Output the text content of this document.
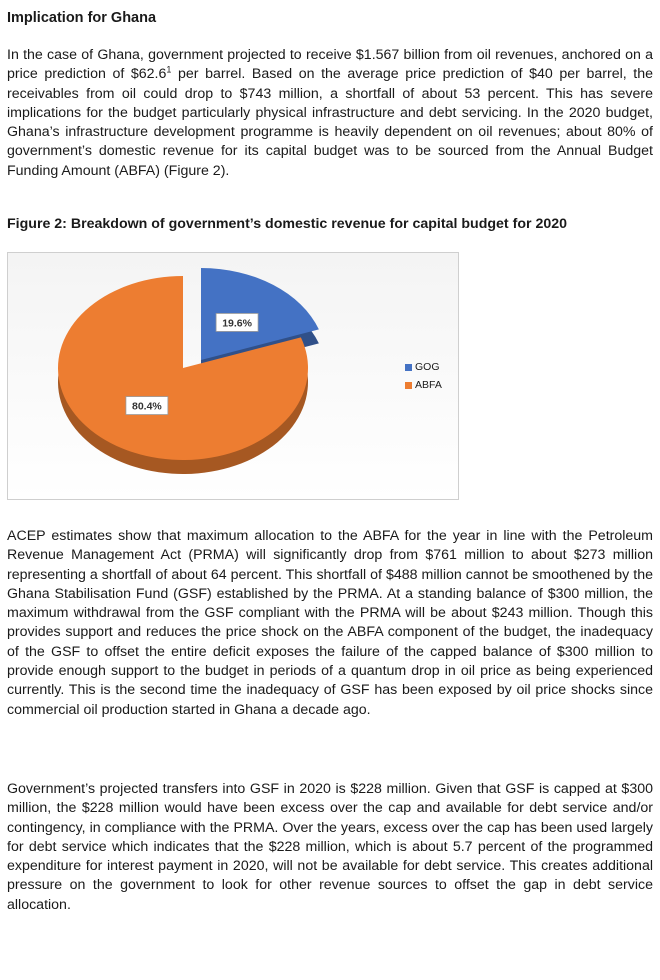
Implication for Ghana

In the case of Ghana, government projected to receive $1.567 billion from oil revenues, anchored on a price prediction of $62.6$^1$ per barrel. Based on the average price prediction of $40 per barrel, the receivables from oil could drop to $743 million, a shortfall of about 53 percent. This has severe implications for the budget particularly physical infrastructure and debt servicing. In the 2020 budget, Ghana’s infrastructure development programme is heavily dependent on oil revenues; about 80% of government’s domestic revenue for its capital budget was to be sourced from the Annual Budget Funding Amount (ABFA) (Figure 2).

Figure 2: Breakdown of government’s domestic revenue for capital budget for 2020
19.6%
80.4%
GOG
ABFA

ACEP estimates show that maximum allocation to the ABFA for the year in line with the Petroleum Revenue Management Act (PRMA) will significantly drop from $761 million to about $273 million representing a shortfall of about 64 percent. This shortfall of $488 million cannot be smoothened by the Ghana Stabilisation Fund (GSF) established by the PRMA. At a standing balance of $300 million, the maximum withdrawal from the GSF compliant with the PRMA will be about $243 million. Though this provides support and reduces the price shock on the ABFA component of the budget, the inadequacy of the GSF to offset the entire deficit exposes the failure of the capped balance of $300 million to provide enough support to the budget in periods of a quantum drop in oil price as being experienced currently. This is the second time the inadequacy of GSF has been exposed by oil price shocks since commercial oil production started in Ghana a decade ago.

Government’s projected transfers into GSF in 2020 is $228 million. Given that GSF is capped at $300 million, the $228 million would have been excess over the cap and available for debt service and/or contingency, in compliance with the PRMA. Over the years, excess over the cap has been used largely for debt service which indicates that the $228 million, which is about 5.7 percent of the programmed expenditure for interest payment in 2020, will not be available for debt service. This creates additional pressure on the government to look for other revenue sources to offset the gap in debt service allocation.
